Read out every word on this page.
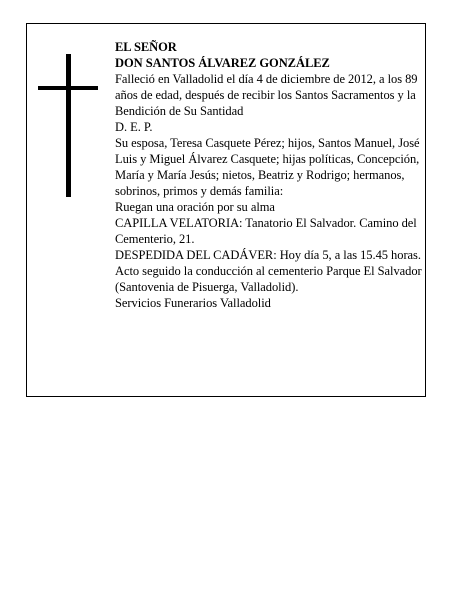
EL SEÑOR

DON SANTOS ÁLVAREZ GONZÁLEZ

Falleció en Valladolid el día 4 de diciembre de 2012, a los 89 años de edad, después de recibir los Santos Sacramentos y la Bendición de Su Santidad

D. E. P.

Su esposa, Teresa Casquete Pérez; hijos, Santos Manuel, José Luis y Miguel Álvarez Casquete; hijas políticas, Concepción, María y María Jesús; nietos, Beatriz y Rodrigo; hermanos, sobrinos, primos y demás familia:

Ruegan una oración por su alma

CAPILLA VELATORIA: Tanatorio El Salvador. Camino del Cementerio, 21.

DESPEDIDA DEL CADÁVER: Hoy día 5, a las 15.45 horas. Acto seguido la conducción al cementerio Parque El Salvador (Santovenia de Pisuerga, Valladolid).

Servicios Funerarios Valladolid
